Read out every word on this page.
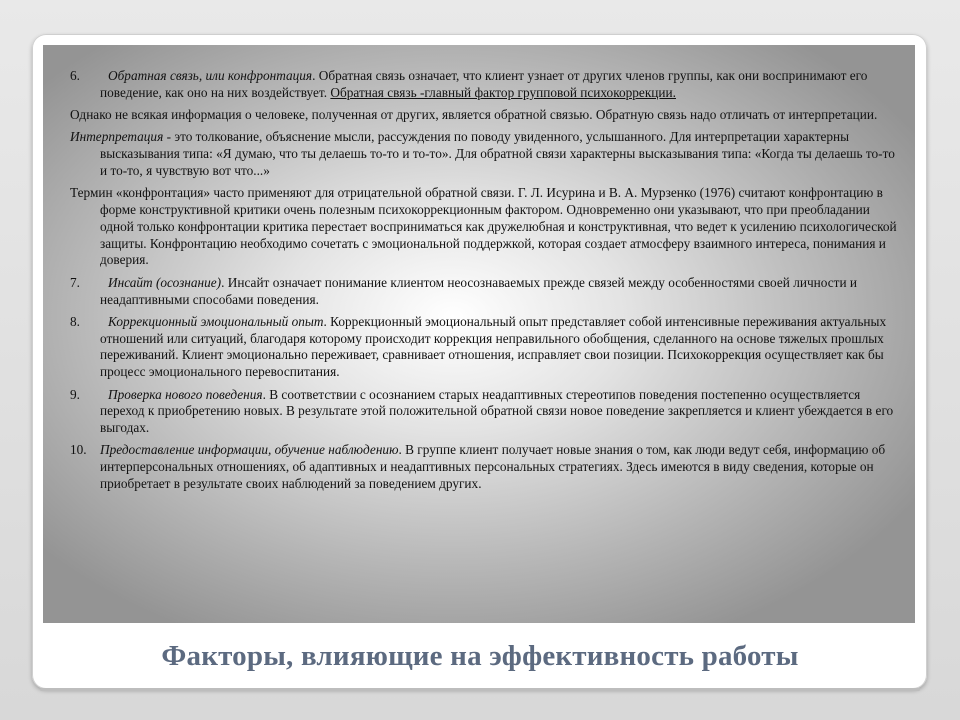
6. Обратная связь, или конфронтация. Обратная связь означает, что клиент узнает от других членов группы, как они воспринимают его поведение, как оно на них воздействует. Обратная связь -главный фактор групповой психокоррекции.

Однако не всякая информация о человеке, полученная от других, является обратной связью. Обратную связь надо отличать от интерпретации.

Интерпретация - это толкование, объяснение мысли, рассуждения по поводу увиденного, услышанного. Для интерпретации характерны высказывания типа: «Я думаю, что ты делаешь то-то и то-то». Для обратной связи характерны высказывания типа: «Когда ты делаешь то-то и то-то, я чувствую вот что...»

Термин «конфронтация» часто применяют для отрицательной обратной связи. Г. Л. Исурина и В. А. Мурзенко (1976) считают конфронтацию в форме конструктивной критики очень полезным психокоррекционным фактором. Одновременно они указывают, что при преобладании одной только конфронтации критика перестает восприниматься как дружелюбная и конструктивная, что ведет к усилению психологической защиты. Конфронтацию необходимо сочетать с эмоциональной поддержкой, которая создает атмосферу взаимного интереса, понимания и доверия.

7. Инсайт (осознание). Инсайт означает понимание клиентом неосознаваемых прежде связей между особенностями своей личности и неадаптивными способами поведения.

8. Коррекционный эмоциональный опыт. Коррекционный эмоциональный опыт представляет собой интенсивные переживания актуальных отношений или ситуаций, благодаря которому происходит коррекция неправильного обобщения, сделанного на основе тяжелых прошлых переживаний. Клиент эмоционально переживает, сравнивает отношения, исправляет свои позиции. Психокоррекция осуществляет как бы процесс эмоционального перевоспитания.

9. Проверка нового поведения. В соответствии с осознанием старых неадаптивных стереотипов поведения постепенно осуществляется переход к приобретению новых. В результате этой положительной обратной связи новое поведение закрепляется и клиент убеждается в его выгодах.

10. Предоставление информации, обучение наблюдению. В группе клиент получает новые знания о том, как люди ведут себя, информацию об интерперсональных отношениях, об адаптивных и неадаптивных персональных стратегиях. Здесь имеются в виду сведения, которые он приобретает в результате своих наблюдений за поведением других.

Факторы, влияющие на эффективность работы
